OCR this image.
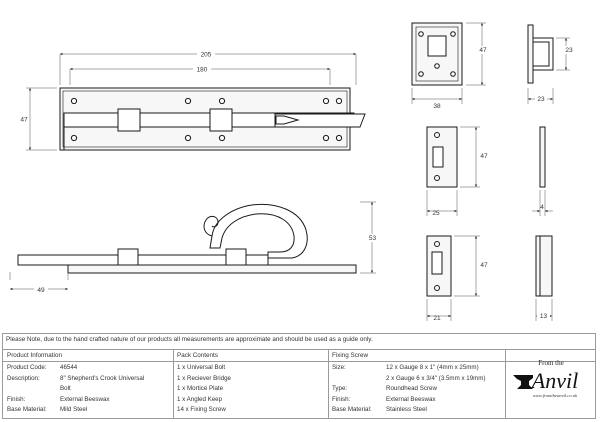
205
180
47
49
53
38
47
23
23
47
25
4
47
21	13
Please Note, due to the hand crafted nature of our products all measurements are approximate and should be used as a guide only.
Product Information	Pack Contents	Fixing Screw
Product Code: 46544
Description:	8" Shepherd's Crook Universal
Bolt
Finish:	External Beeswax
Base Material: Mild Steel
1 x Universal Bolt
1 x Reciever Bridge
1 x Mortice Plate
1 x Angled Keep
14 x Fixing Screw
Size:	12 x Gauge 8 x 1" (4mm x 25mm)
2 x Gauge 6 x 3/4" (3.5mm x 19mm)
Type:	Roundhead Screw
Finish:	External Beeswax
Base Material: Stainless Steel
From the
Anvil
www.fromtheanvil.co.uk
